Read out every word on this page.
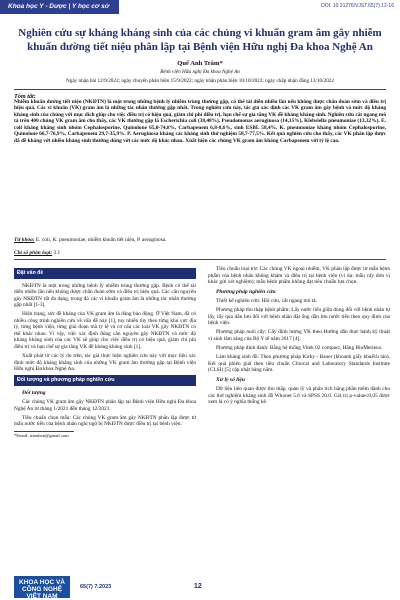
Khoa học Y - Dược | Y học cơ sở	DOI: 10.31276/VJST.65(7).12-16
Nghiên cứu sự kháng kháng sinh của các chủng vi khuẩn gram âm gây nhiễm khuẩn đường tiết niệu phân lập tại Bệnh viện Hữu nghị Đa khoa Nghệ An
Quế Anh Trâm*
Bệnh viện Hữu nghị Đa khoa Nghệ An
Ngày nhận bài 12/9/2022; ngày chuyển phản biện 15/9/2022; ngày nhận phản biện 10/10/2022; ngày chấp nhận đăng 13/10/2022
Tóm tắt:
Nhiễm khuẩn đường tiết niệu (NKĐTN) là một trong những bệnh lý nhiễm trùng thường gặp, có thể tái diễn nhiều lần nếu không được chẩn đoán sớm và điều trị hiệu quả. Các vi khuẩn (VK) gram âm là những tác nhân thường gặp nhất. Trong nghiên cứu này, tác giả xác định các VK gram âm gây bệnh và mức độ kháng kháng sinh của chúng với mục đích giúp cho việc điều trị có hiệu quả, giảm chi phí điều trị, hạn chế sự gia tăng VK đề kháng kháng sinh. Nghiên cứu cắt ngang mô tả trên 400 chủng VK gram âm cho thấy, các VK thường gặp là Escherichia coli (38,48%), Pseudomonas aeruginosa (14,15%), Klebsiella pneumoniae (13,32%). E. coli kháng kháng sinh nhóm Cephalosporine, Quinolone 65,0-74,8%, Carbapenem 6,8-8,6%, sinh ESBL 58,4%. K. pneumoniae kháng nhóm Cephalosporine, Quinolone 66,7-76,9%, Carbapenem 29,7-35,9%. P. Aeruginosa kháng các kháng sinh thử nghiệm 58,7-77,5%. Kết quả nghiên cứu cho thấy, các VK phân lập được đã đề kháng với nhiều kháng sinh thường dùng với các mức độ khác nhau. Xuất hiện các chủng VK gram âm kháng Carbapenem với tỷ lệ cao.
Từ khóa: E. coli, K. pneumoniae, nhiễm khuẩn tiết niệu, P. aeruginosa.
Chỉ số phân loại: 3.1
Đặt vấn đề

NKĐTN là một trong những bệnh lý nhiễm trùng thường gặp. Bệnh có thể tái diễn nhiều lần nếu không được chẩn đoán sớm và điều trị hiệu quả. Các căn nguyên gây NKĐTN rất đa dạng, trong đó các vi khuẩn gram âm là những tác nhân thường gặp nhất [1-3].

Hiện trạng, sức đề kháng của VK gram âm là đáng báo động. Ở Việt Nam, đã có nhiều công trình nghiên cứu về vấn đề này [1], tuy nhiên tùy theo từng khu vực địa lý, từng bệnh viện, từng giai đoạn mà tỷ lệ và cơ cấu các loài VK gây NKĐTN có thể khác nhau. Vì vậy, việc xác định đúng căn nguyên gây NKĐTN và mức độ kháng kháng sinh của các VK sẽ giúp cho việc điều trị có hiệu quả, giảm chi phí điều trị và hạn chế sự gia tăng VK đề kháng kháng sinh [1].

Xuất phát từ các lý do trên, tác giả thực hiện nghiên cứu này với mục tiêu xác định mức độ kháng kháng sinh của những VK gram âm thường gặp tại Bệnh viện Hữu nghị Đa khoa Nghệ An.

Đối tượng và phương pháp nghiên cứu
Đối tượng

Các chủng VK gram âm gây NKĐTN phân lập tại Bệnh viện Hữu nghị Đa khoa Nghệ An từ tháng 1/2021 đến tháng 12/2021.

Tiêu chuẩn chọn mẫu: Các chủng VK gram âm gây NKĐTN phân lập được từ mẫu nước tiểu của bệnh nhân nghi ngờ bị NKĐTN được điều trị tại bệnh viện.

*Email: tramlien@gmail.com

Tiêu chuẩn loại trừ: Các chủng VK ngoại nhiễm, VK phân lập được từ mẫu bệnh phẩm của bệnh nhân không khám và điều trị tại bệnh viện (ví dụ: mẫu cấy đơn vị khác gửi xét nghiệm); mẫu bệnh phẩm không đạt tiêu chuẩn lựa chọn.

Phương pháp nghiên cứu

Thiết kế nghiên cứu: Hồi cứu, cắt ngang mô tả.

Phương pháp thu thập bệnh phẩm: Lấy nước tiểu giữa dòng đối với bệnh nhân tự lấy, lấy qua dẫn lưu đối với bệnh nhân đặt ống dẫn lưu nước tiểu theo quy định của bệnh viện.

Phương pháp nuôi cấy: Cấy định lượng VK theo Hướng dẫn thực hành kỹ thuật vi sinh lâm sàng của Bộ Y tế năm 2017 [4].

Phương pháp định danh: Bằng hệ thống Vitek 02 compact, Hãng BioMerieux.

Làm kháng sinh đồ: Theo phương pháp Kirby - Bauer (khoanh giấy khuếch tán). Kết quả phiên giải theo tiêu chuẩn Clinical and Laboratory Standards Institute (CLSI) [5] cập nhật hàng năm.

Xử lý số liệu

Dữ liệu liên quan được thu thập, quản lý và phân tích bằng phần mềm dành cho các thử nghiệm kháng sinh đồ Whonet 5.6 và SPSS 20.0. Giá trị p-value≤0,05 được xem là có ý nghĩa thống kê.

KHOA HỌC VÀ CÔNG NGHỆ VIỆT NAM
65(7) 7.2023	12
